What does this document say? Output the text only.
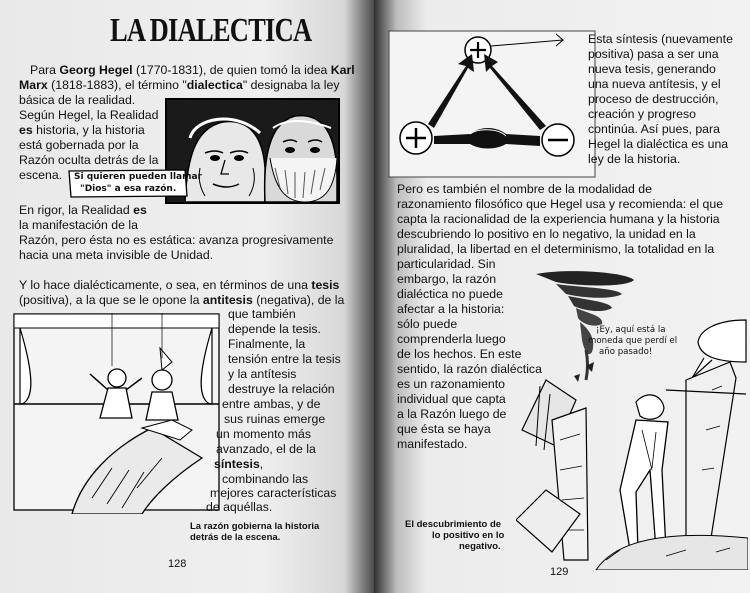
LA DIALECTICA
Para Georg Hegel (1770-1831), de quien tomó la idea Karl
Marx (1818-1883), el término "dialectica" designaba la ley
básica de la realidad.
Según Hegel, la Realidad
es historia, y la historia
está gobernada por la
Razón oculta detrás de la
escena. Si quieren pueden llamar
"Dios" a esa razón.
En rigor, la Realidad es
la manifestación de la
Razón, pero ésta no es estática: avanza progresivamente
hacia una meta invisible de Unidad.
Y lo hace dialécticamente, o sea, en términos de una tesis
(positiva), a la que se le opone la antitesis (negativa), de la
que también
depende la tesis.
Finalmente, la
tensión entre la tesis
y la antítesis
destruye la relación
entre ambas, y de
sus ruinas emerge
un momento más
avanzado, el de la
síntesis,
combinando las
mejores características
de aquéllas.
La razón gobierna la historia
detrás de la escena.
128
Esta síntesis (nuevamente
positiva) pasa a ser una
nueva tesis, generando
una nueva antítesis, y el
proceso de destrucción,
creación y progreso
continúa. Así pues, para
Hegel la dialéctica es una
ley de la historia.
Pero es también el nombre de la modalidad de
razonamiento filosófico que Hegel usa y recomienda: el que
capta la racionalidad de la experiencia humana y la historia
descubriendo lo positivo en lo negativo, la unidad en la
pluralidad, la libertad en el determinismo, la totalidad en la
particularidad. Sin
embargo, la razón
dialéctica no puede
afectar a la historia:
sólo puede
comprenderla luego
de los hechos. En este
sentido, la razón dialéctica
es un razonamiento
individual que capta
a la Razón luego de
que ésta se haya
manifestado.
¡Ey, aquí está la
moneda que perdí el
año pasado!
El descubrimiento de
lo positivo en lo
negativo.
129
